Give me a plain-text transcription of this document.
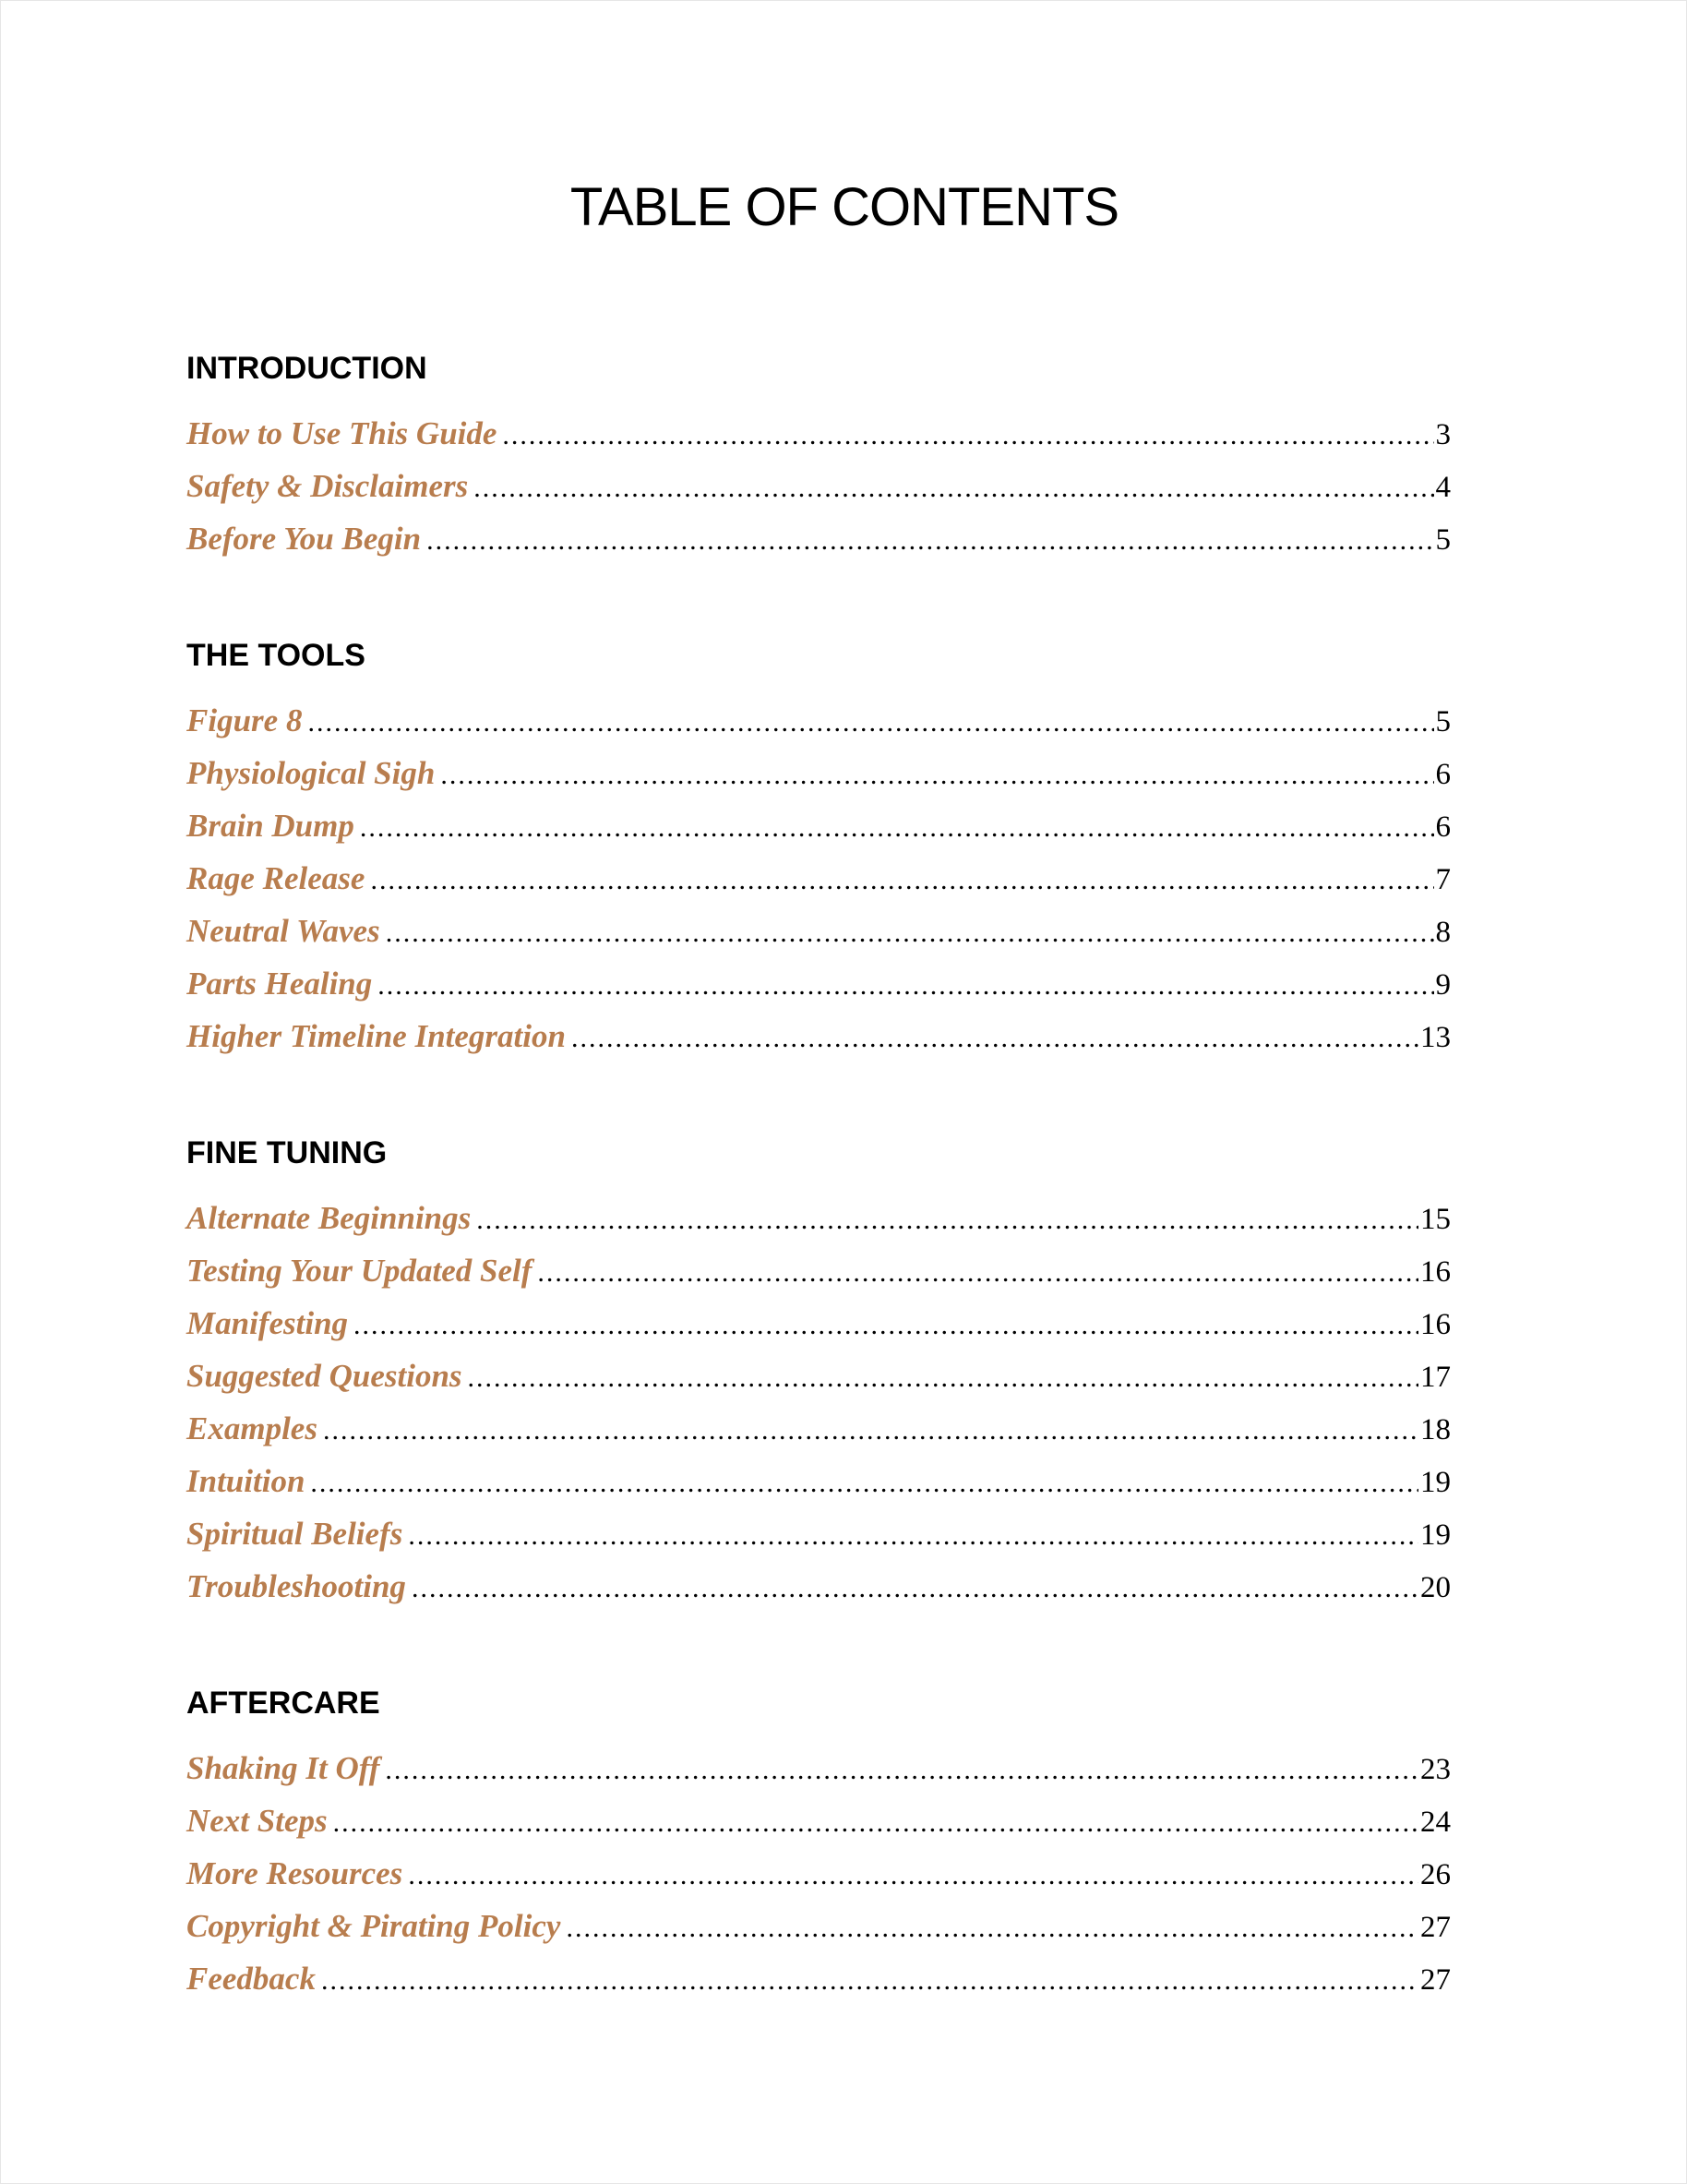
TABLE OF CONTENTS
INTRODUCTION
How to Use This Guide .....	3
Safety & Disclaimers .....	4
Before You Begin .....	5
THE TOOLS
Figure 8 .....	5
Physiological Sigh .....	6
Brain Dump .....	6
Rage Release .....	7
Neutral Waves .....	8
Parts Healing .....	9
Higher Timeline Integration .....	13
FINE TUNING
Alternate Beginnings .....	15
Testing Your Updated Self .....	16
Manifesting .....	16
Suggested Questions .....	17
Examples .....	18
Intuition .....	19
Spiritual Beliefs .....	19
Troubleshooting .....	20
AFTERCARE
Shaking It Off .....	23
Next Steps .....	24
More Resources .....	26
Copyright & Pirating Policy .....	27
Feedback .....	27
